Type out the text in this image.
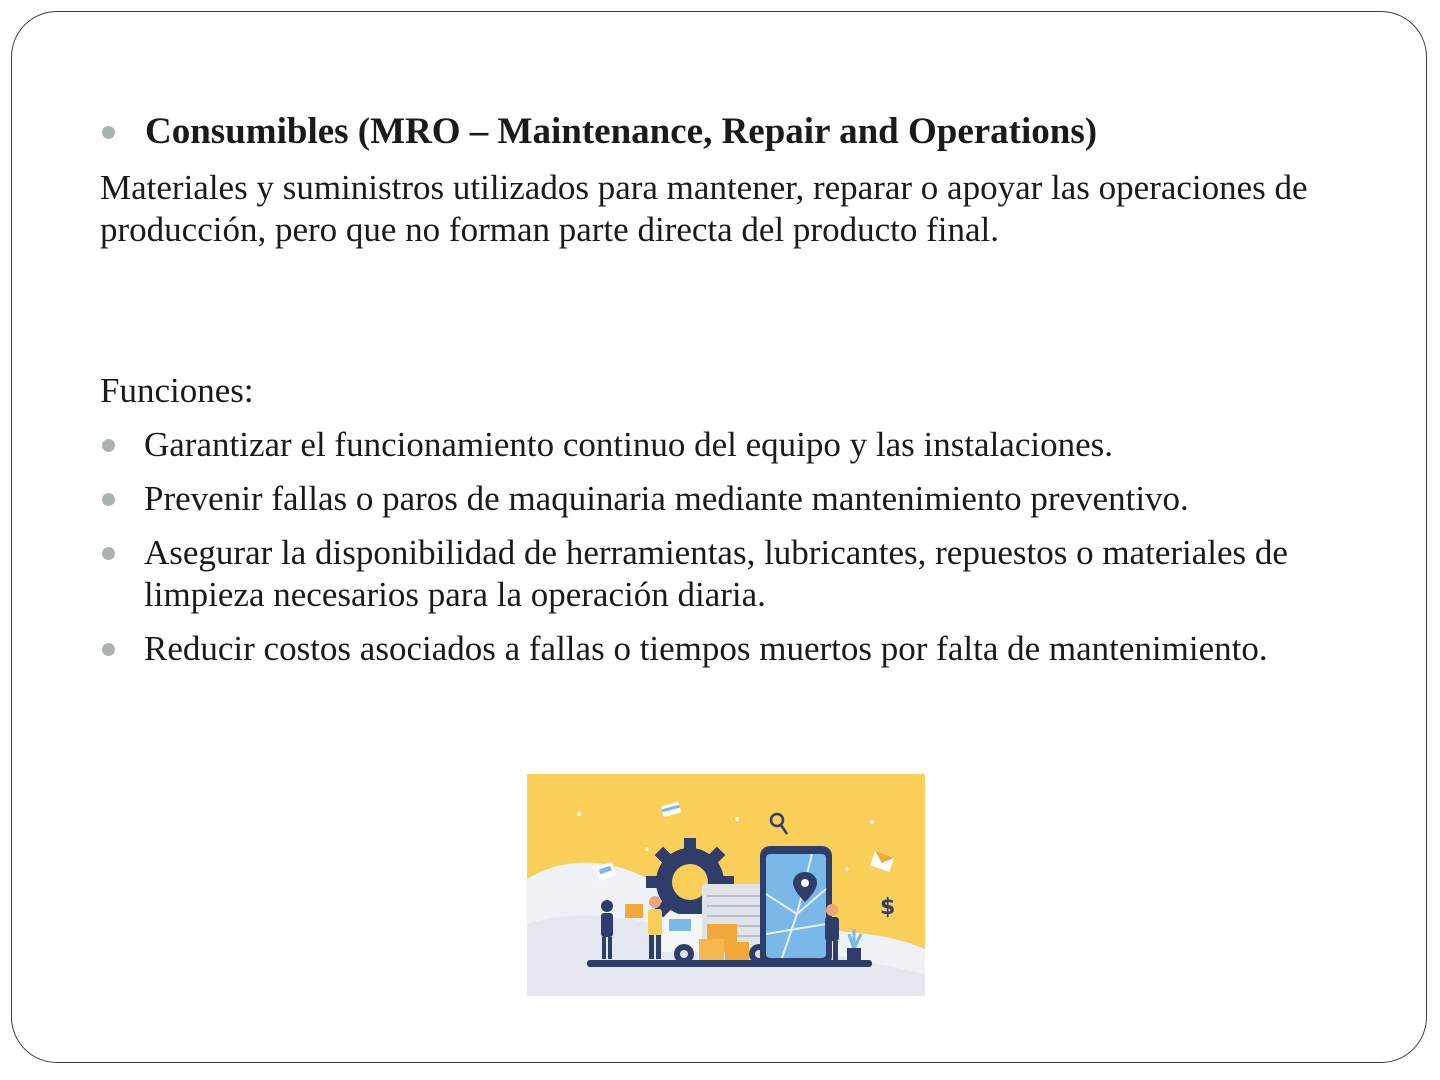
Consumibles (MRO – Maintenance, Repair and Operations)
Materiales y suministros utilizados para mantener, reparar o apoyar las operaciones de producción, pero que no forman parte directa del producto final.
Funciones:
Garantizar el funcionamiento continuo del equipo y las instalaciones.
Prevenir fallas o paros de maquinaria mediante mantenimiento preventivo.
Asegurar la disponibilidad de herramientas, lubricantes, repuestos o materiales de limpieza necesarios para la operación diaria.
Reducir costos asociados a fallas o tiempos muertos por falta de mantenimiento.
$
